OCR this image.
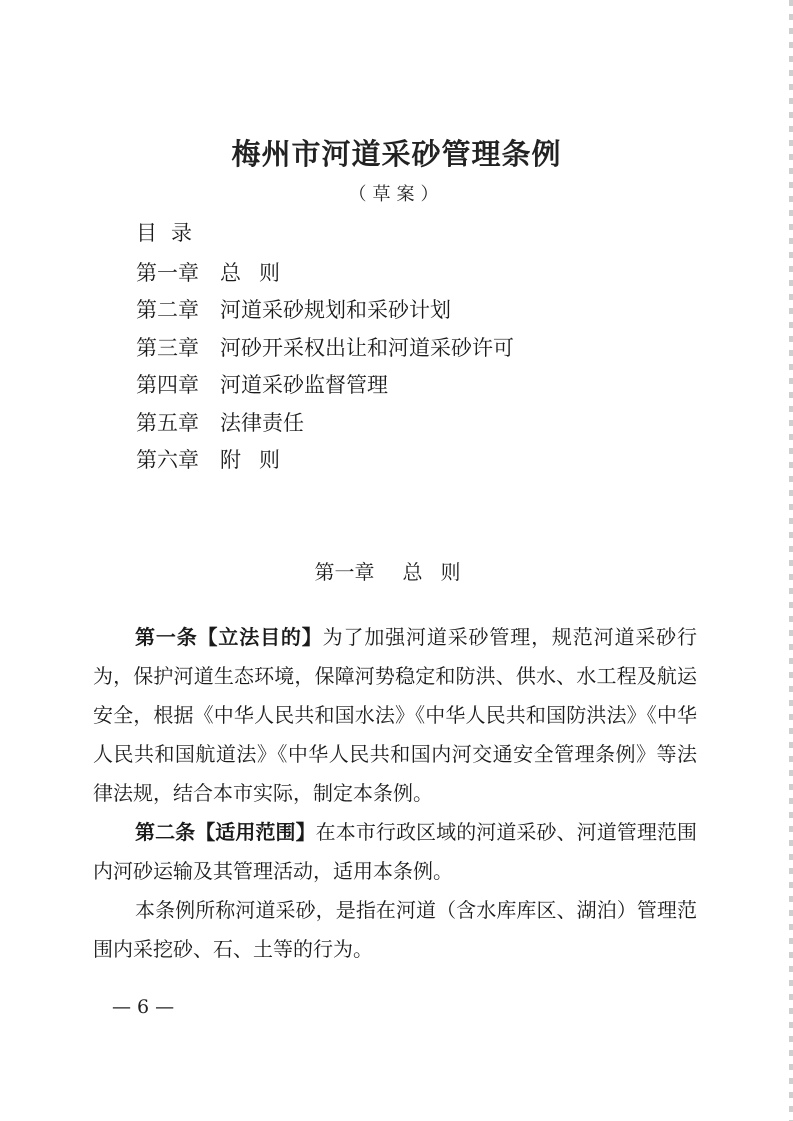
梅州市河道采砂管理条例
（草案）
目录
第一章 总则
第二章 河道采砂规划和采砂计划
第三章 河砂开采权出让和河道采砂许可
第四章 河道采砂监督管理
第五章 法律责任
第六章 附则
第一章 总则

第一条【立法目的】为了加强河道采砂管理，规范河道采砂行为，保护河道生态环境，保障河势稳定和防洪、供水、水工程及航运安全，根据《中华人民共和国水法》《中华人民共和国防洪法》《中华人民共和国航道法》《中华人民共和国内河交通安全管理条例》等法律法规，结合本市实际，制定本条例。

第二条【适用范围】在本市行政区域的河道采砂、河道管理范围内河砂运输及其管理活动，适用本条例。

本条例所称河道采砂，是指在河道（含水库库区、湖泊）管理范围内采挖砂、石、土等的行为。

— 6 —
